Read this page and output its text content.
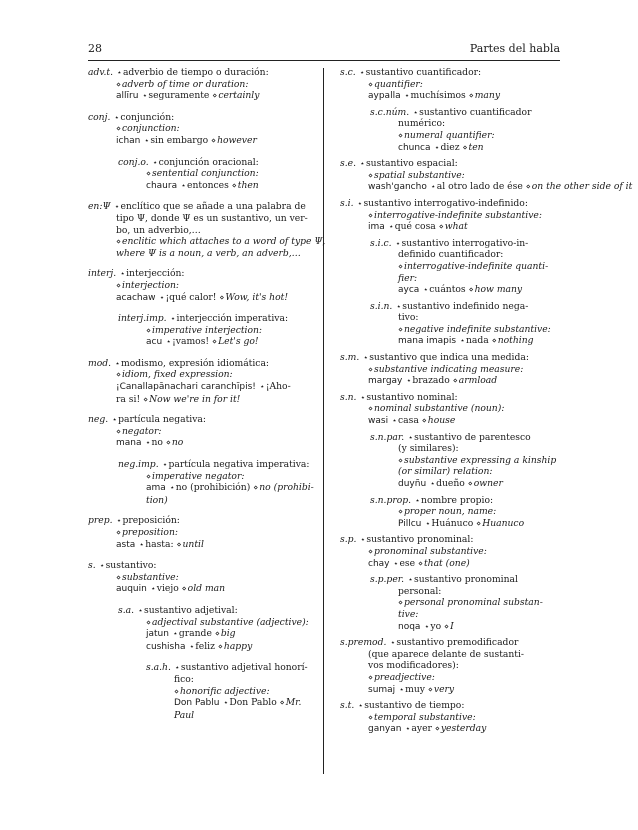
28	Partes del habla
adv.t. ⋆adverbio de tiempo o duración:
⋄adverb of time or duration:
allīru ⋆seguramente ⋄certainly
conj. ⋆conjunción:
⋄conjunction:
ichan ⋆sin embargo ⋄however
conj.o. ⋆conjunción oracional:
⋄sentential conjunction:
chaura ⋆entonces ⋄then
en:Ψ ⋆enclítico que se añade a una palabra de
tipo Ψ, donde Ψ es un sustantivo, un ver-
bo, un adverbio,…
⋄enclitic which attaches to a word of type Ψ,
where Ψ is a noun, a verb, an adverb,…
interj. ⋆interjección:
⋄interjection:
acachaw ⋆¡qué calor! ⋄Wow, it's hot!
interj.imp. ⋆interjección imperativa:
⋄imperative interjection:
acu ⋆¡vamos! ⋄Let's go!
mod. ⋆modismo, expresión idiomática:
⋄idiom, fixed expression:
¡Canallapānachari caranchīpis! ⋆¡Aho-
ra si! ⋄Now we're in for it!
neg. ⋆partícula negativa:
⋄negator:
mana ⋆no ⋄no
neg.imp. ⋆partícula negativa imperativa:
⋄imperative negator:
ama ⋆no (prohibición) ⋄no (prohibi-
tion)
prep. ⋆preposición:
⋄preposition:
asta ⋆hasta: ⋄until
s. ⋆sustantivo:
⋄substantive:
auquin ⋆viejo ⋄old man
s.a. ⋆sustantivo adjetival:
⋄adjectival substantive (adjective):
jatun ⋆grande ⋄big
cushisha ⋆feliz ⋄happy
s.a.h. ⋆sustantivo adjetival honorí-
fico:
⋄honorific adjective:
Don Pablu ⋆Don Pablo ⋄Mr.
Paul
s.c. ⋆sustantivo cuantificador:
⋄quantifier:
aypalla ⋆muchísimos ⋄many
s.c.núm. ⋆sustantivo cuantificador
numérico:
⋄numeral quantifier:
chunca ⋆diez ⋄ten
s.e. ⋆sustantivo espacial:
⋄spatial substantive:
wash'gancho ⋆al otro lado de ése ⋄on the other side of it
s.i. ⋆sustantivo interrogativo-indefinido:
⋄interrogative-indefinite substantive:
ima ⋆qué cosa ⋄what
s.i.c. ⋆sustantivo interrogativo-in-
definido cuantificador:
⋄interrogative-indefinite quanti-
fier:
ayca ⋆cuántos ⋄how many
s.i.n. ⋆sustantivo indefinido nega-
tivo:
⋄negative indefinite substantive:
mana imapis ⋆nada ⋄nothing
s.m. ⋆sustantivo que indica una medida:
⋄substantive indicating measure:
margay ⋆brazado ⋄armload
s.n. ⋆sustantivo nominal:
⋄nominal substantive (noun):
wasi ⋆casa ⋄house
s.n.par. ⋆sustantivo de parentesco
(y similares):
⋄substantive expressing a kinship
(or similar) relation:
duyñu ⋆dueño ⋄owner
s.n.prop. ⋆nombre propio:
⋄proper noun, name:
Pillcu ⋆Huánuco ⋄Huanuco
s.p. ⋆sustantivo pronominal:
⋄pronominal substantive:
chay ⋆ese ⋄that (one)
s.p.per. ⋆sustantivo pronominal
personal:
⋄personal pronominal substan-
tive:
noqa ⋆yo ⋄I
s.premod. ⋆sustantivo premodificador
(que aparece delante de sustanti-
vos modificadores):
⋄preadjective:
sumaj ⋆muy ⋄very
s.t. ⋆sustantivo de tiempo:
⋄temporal substantive:
ganyan ⋆ayer ⋄yesterday
